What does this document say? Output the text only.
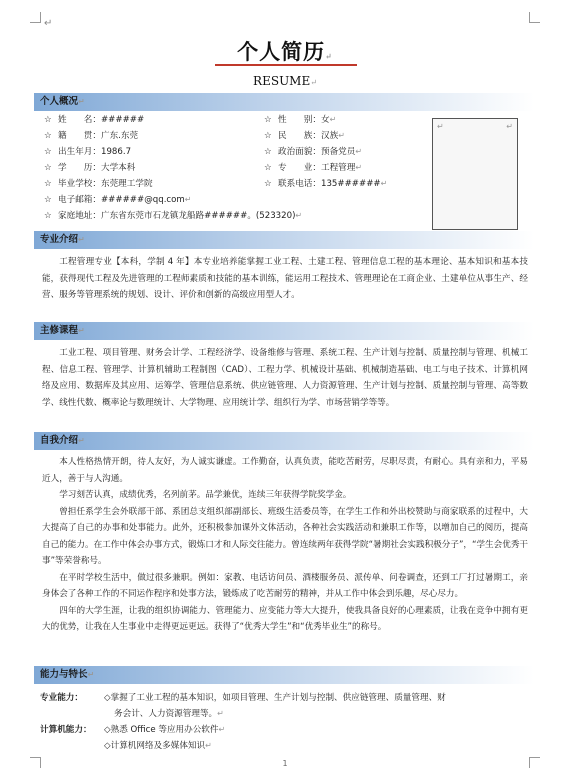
↵
个人简历↵
RESUME↵
个人概况↵
☆ 姓　　名：######	☆ 性　　别：女↵
☆ 籍　　贯：广东.东莞	☆ 民　　族：汉族↵
☆ 出生年月：1986.7	☆ 政治面貌：预备党员↵
☆ 学　　历：大学本科	☆ 专　　业：工程管理↵
☆ 毕业学校：东莞理工学院	☆ 联系电话：135######↵
☆ 电子邮箱：######@qq.com↵
☆ 家庭地址：广东省东莞市石龙镇龙船路######。(523320)↵
↵	↵
专业介绍↵

工程管理专业【本科，学制 4 年】本专业培养能掌握工业工程、土建工程、管理信息工程的基本理论、基本知识和基本技能，获得现代工程及先进管理的工程师素质和技能的基本训练，能运用工程技术、管理理论在工商企业、土建单位从事生产、经营、服务等管理系统的规划、设计、评价和创新的高级应用型人才。

主修课程↵

工业工程、项目管理、财务会计学、工程经济学、设备维修与管理、系统工程、生产计划与控制、质量控制与管理、机械工程、信息工程、管理学、计算机辅助工程制图（CAD）、工程力学、机械设计基础、机械制造基础、电工与电子技术、计算机网络及应用、数据库及其应用、运筹学、管理信息系统、供应链管理、人力资源管理、生产计划与控制、质量控制与管理、高等数学、线性代数、概率论与数理统计、大学物理、应用统计学、组织行为学、市场营销学等等。

自我介绍↵

本人性格热情开朗，待人友好，为人诚实谦虚。工作勤奋，认真负责，能吃苦耐劳，尽职尽责，有耐心。具有亲和力，平易近人，善于与人沟通。

学习刻苦认真，成绩优秀，名列前茅。品学兼优，连续三年获得学院奖学金。

曾担任系学生会外联部干部、系团总支组织部副部长、班级生活委员等，在学生工作和外出校赞助与商家联系的过程中，大大提高了自己的办事和处事能力。此外，还积极参加课外文体活动，各种社会实践活动和兼职工作等，以增加自己的阅历，提高自己的能力。在工作中体会办事方式，锻炼口才和人际交往能力。曾连续两年获得学院“暑期社会实践积极分子”，“学生会优秀干事”等荣誉称号。

在平时学校生活中，做过很多兼职。例如：家教、电话访问员、酒楼服务员、派传单、问卷调查，还到工厂打过暑期工，亲身体会了各种工作的不同运作程序和处事方法，锻炼成了吃苦耐劳的精神，并从工作中体会到乐趣，尽心尽力。

四年的大学生涯，让我的组织协调能力、管理能力、应变能力等大大提升，使我具备良好的心理素质，让我在竞争中拥有更大的优势，让我在人生事业中走得更远更远。获得了“优秀大学生”和“优秀毕业生”的称号。

能力与特长↵
专业能力： ◇掌握了工业工程的基本知识，如项目管理、生产计划与控制、供应链管理、质量管理、财
务会计、人力资源管理等。↵
计算机能力： ◇熟悉 Office 等应用办公软件↵
◇计算机网络及多媒体知识↵
1
